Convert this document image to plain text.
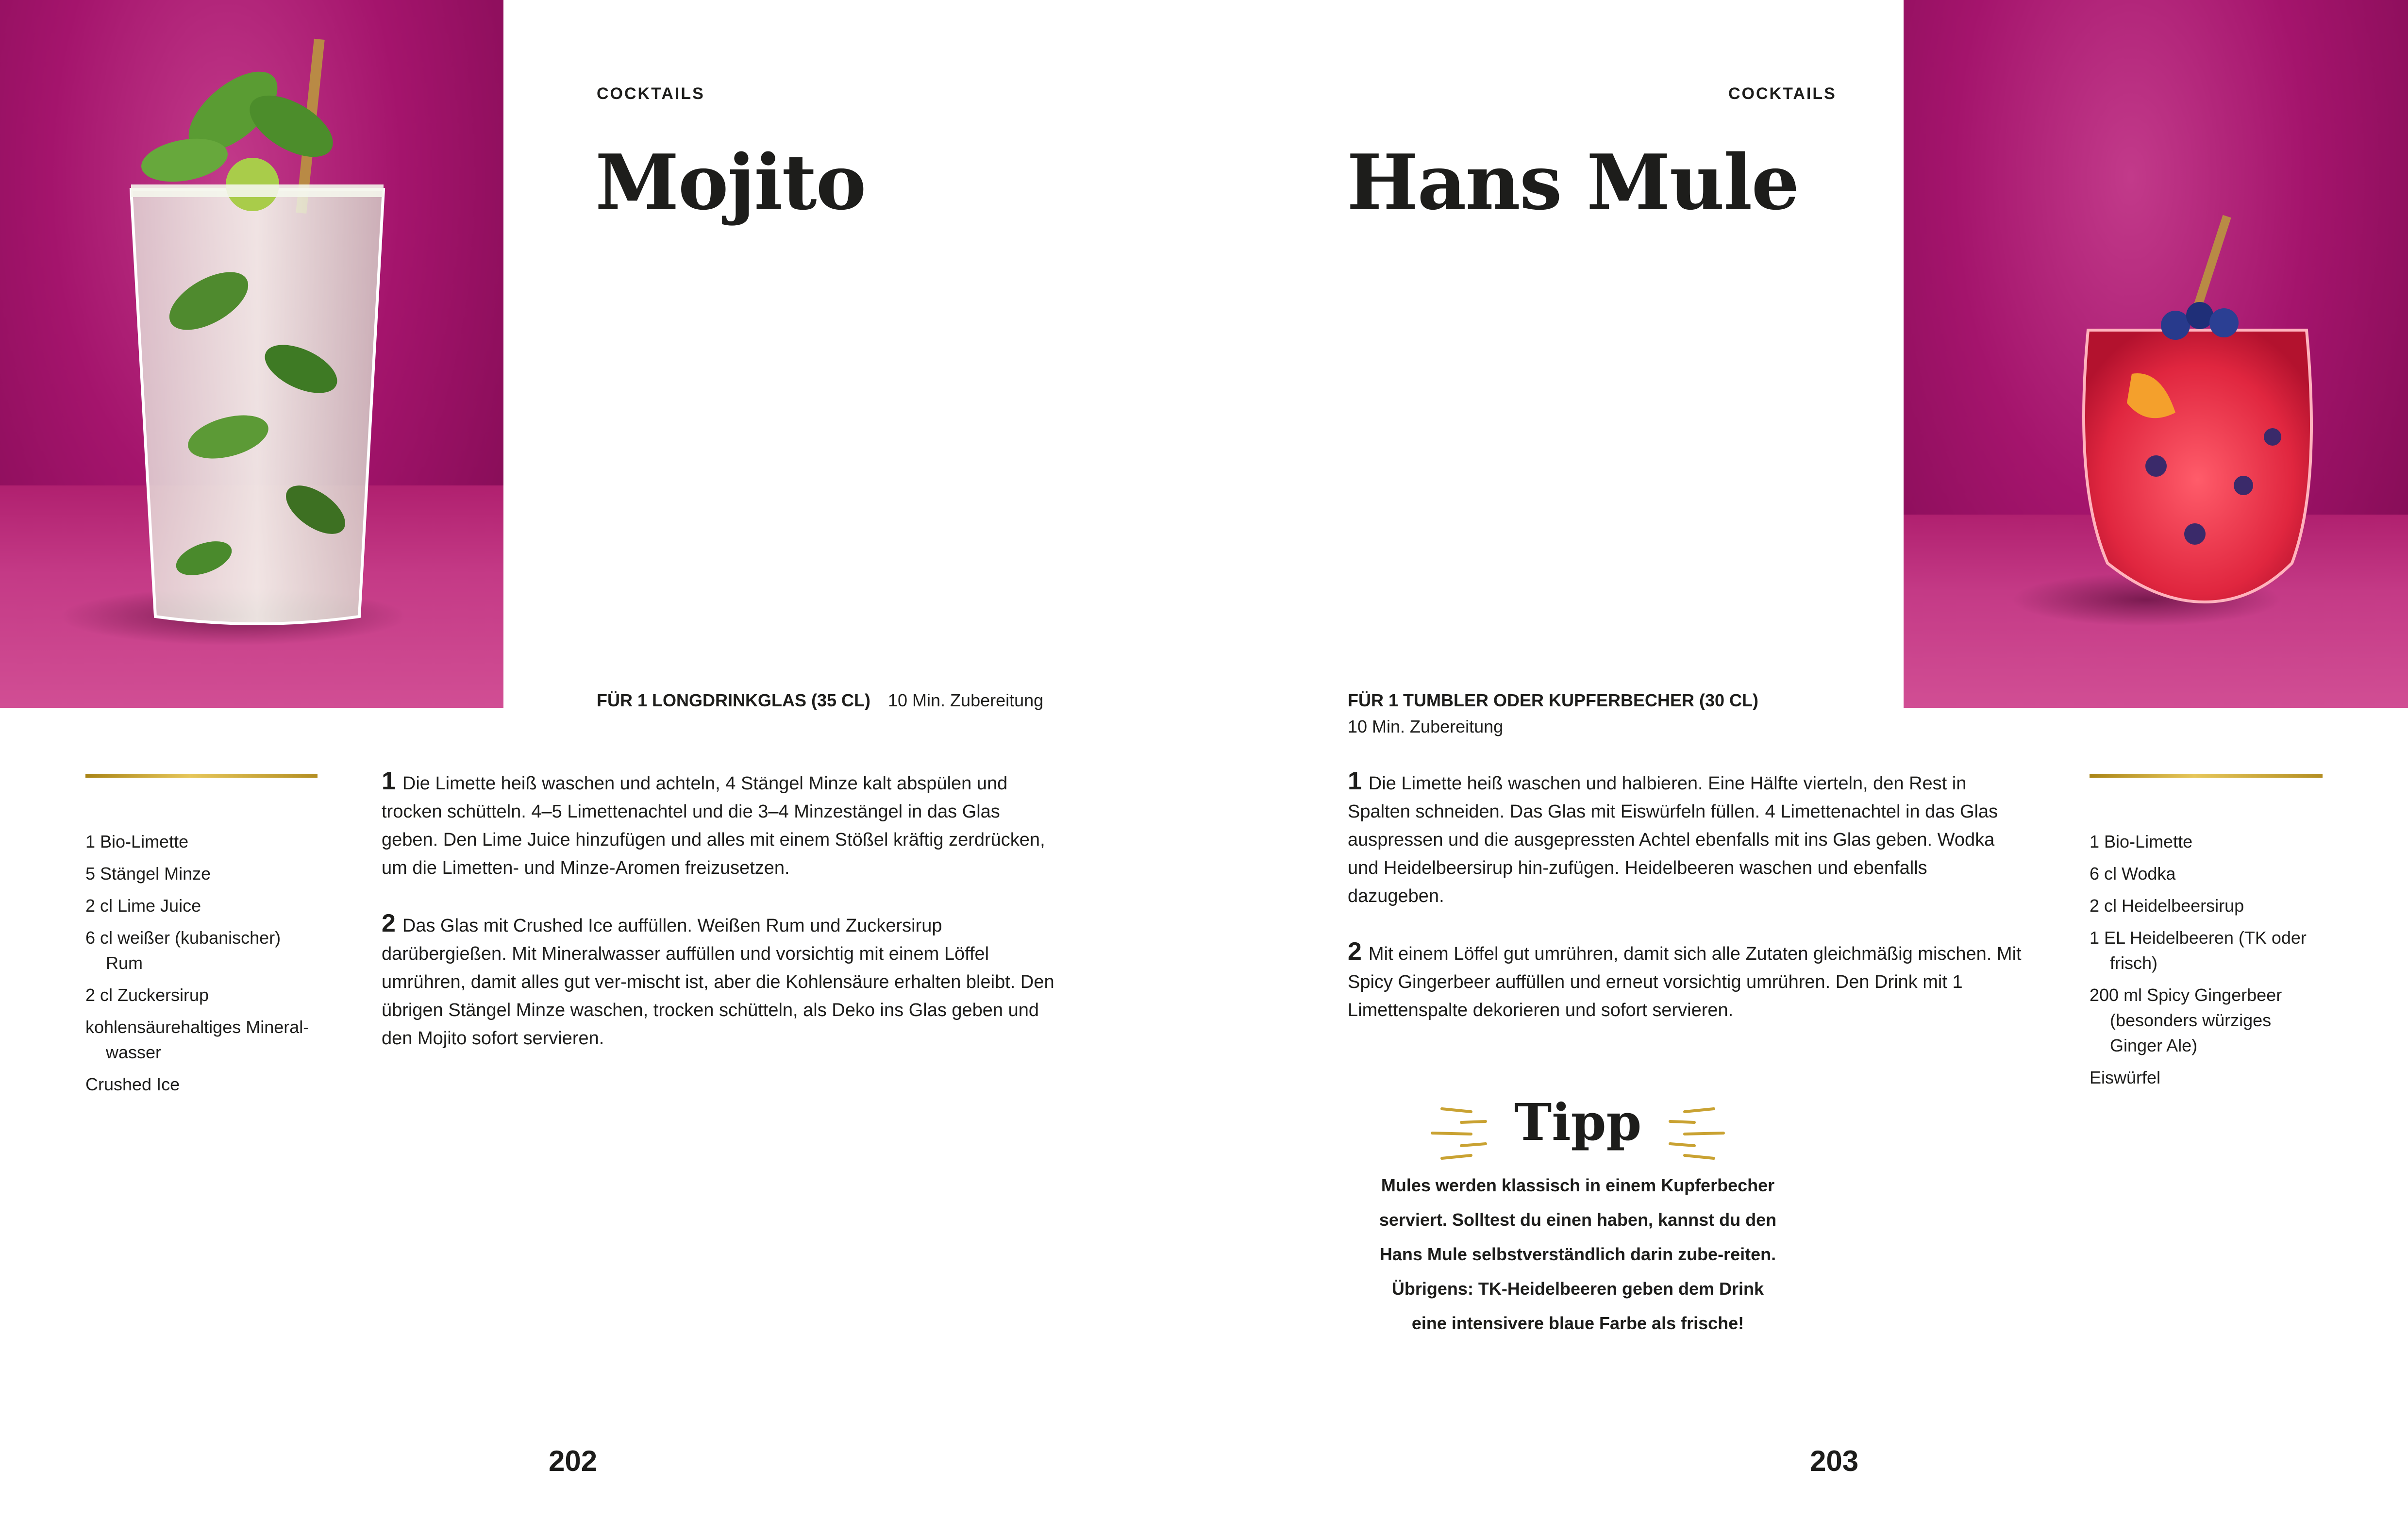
COCKTAILS
Mojito
FÜR 1 LONGDRINKGLAS (35 CL) 10 Min. Zubereitung
1 Bio-Limette
5 Stängel Minze
2 cl Lime Juice
6 cl weißer (kubanischer) Rum
2 cl Zuckersirup
kohlensäurehaltiges Mineral-wasser
Crushed Ice

1 Die Limette heiß waschen und achteln, 4 Stängel Minze kalt abspülen und trocken schütteln. 4–5 Limettenachtel und die 3–4 Minzestängel in das Glas geben. Den Lime Juice hinzufügen und alles mit einem Stößel kräftig zerdrücken, um die Limetten- und Minze-Aromen freizusetzen.

2 Das Glas mit Crushed Ice auffüllen. Weißen Rum und Zuckersirup darübergießen. Mit Mineralwasser auffüllen und vorsichtig mit einem Löffel umrühren, damit alles gut ver-mischt ist, aber die Kohlensäure erhalten bleibt. Den übrigen Stängel Minze waschen, trocken schütteln, als Deko ins Glas geben und den Mojito sofort servieren.

202
COCKTAILS
Hans Mule
FÜR 1 TUMBLER ODER KUPFERBECHER (30 CL)
10 Min. Zubereitung

1 Die Limette heiß waschen und halbieren. Eine Hälfte vierteln, den Rest in Spalten schneiden. Das Glas mit Eiswürfeln füllen. 4 Limettenachtel in das Glas auspressen und die ausgepressten Achtel ebenfalls mit ins Glas geben. Wodka und Heidelbeersirup hin-zufügen. Heidelbeeren waschen und ebenfalls dazugeben.

2 Mit einem Löffel gut umrühren, damit sich alle Zutaten gleichmäßig mischen. Mit Spicy Gingerbeer auffüllen und erneut vorsichtig umrühren. Den Drink mit 1 Limettenspalte dekorieren und sofort servieren.

1 Bio-Limette
6 cl Wodka
2 cl Heidelbeersirup
1 EL Heidelbeeren (TK oder frisch)
200 ml Spicy Gingerbeer (besonders würziges Ginger Ale)
Eiswürfel
Tipp
Mules werden klassisch in einem Kupferbecher serviert. Solltest du einen haben, kannst du den Hans Mule selbstverständlich darin zube-reiten. Übrigens: TK-Heidelbeeren geben dem Drink eine intensivere blaue Farbe als frische!
203
